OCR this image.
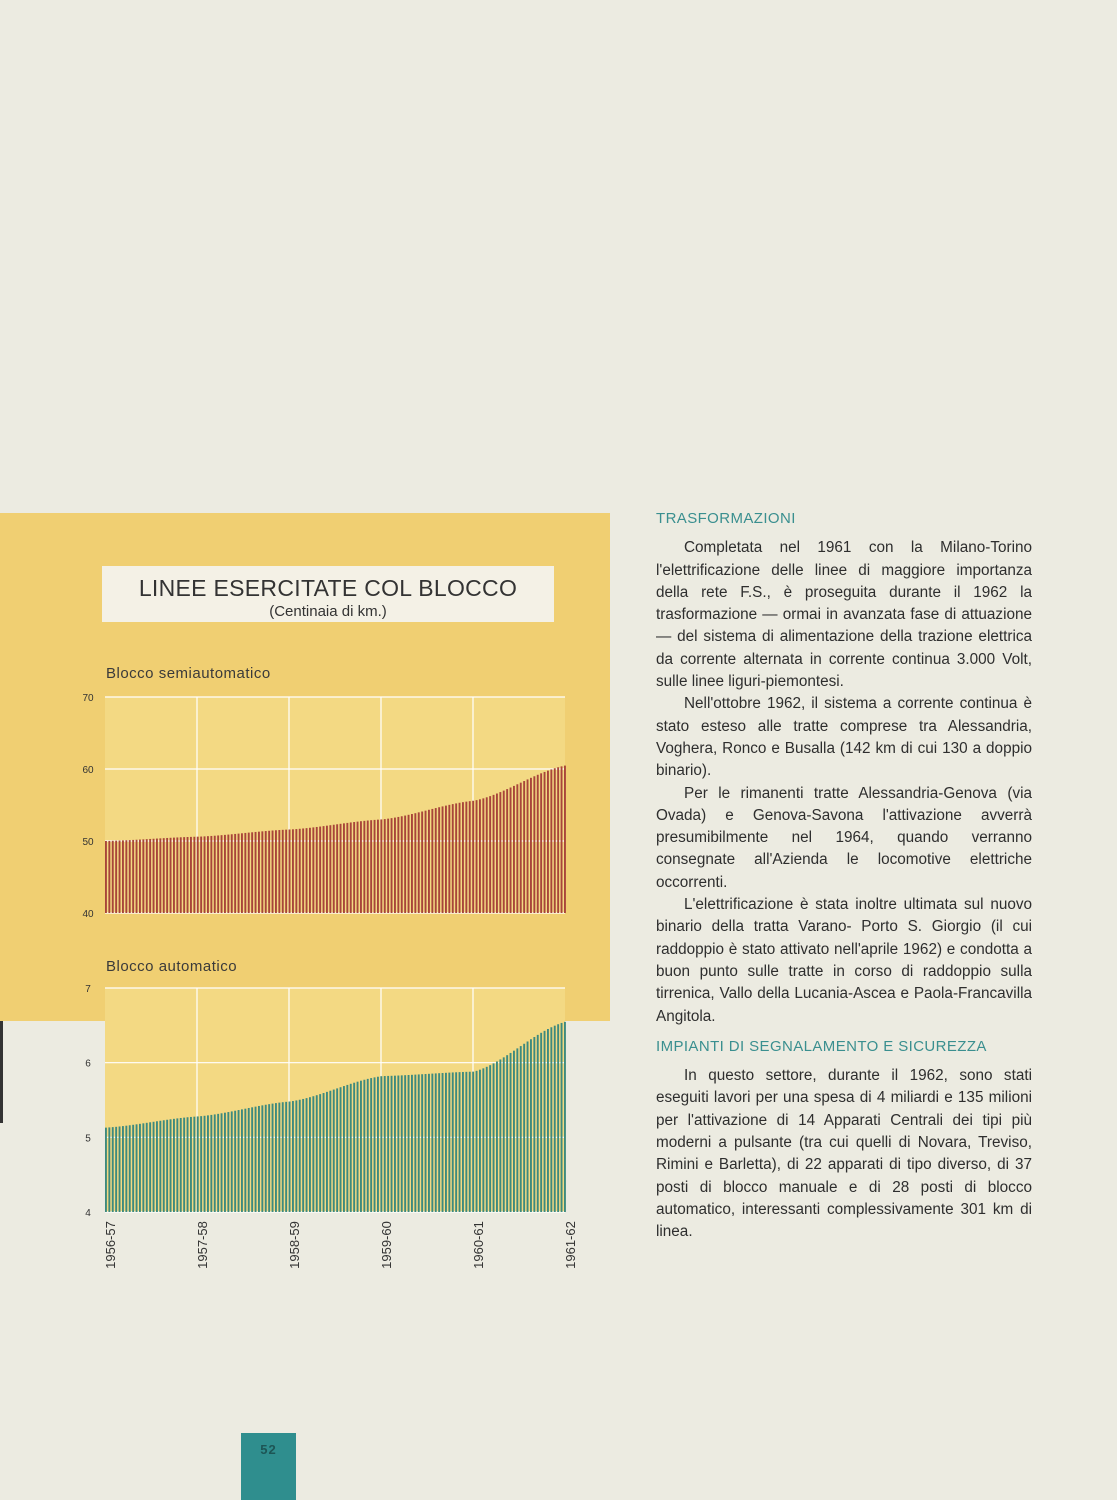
LINEE ESERCITATE COL BLOCCO
(Centinaia di km.)
Blocco semiautomatico
Blocco automatico
70
60
50
40
7
6
5
4
1956-57	1957-58	1958-59	1959-60	1960-61	1961-62
TRASFORMAZIONI

Completata nel 1961 con la Milano-Torino l'elettrificazione delle linee di maggiore importanza della rete F.S., è proseguita durante il 1962 la trasformazione — ormai in avanzata fase di attuazione — del sistema di alimentazione della trazione elettrica da corrente alternata in corrente continua 3.000 Volt, sulle linee liguri-piemontesi.

Nell'ottobre 1962, il sistema a corrente continua è stato esteso alle tratte comprese tra Alessandria, Voghera, Ronco e Busalla (142 km di cui 130 a doppio binario).

Per le rimanenti tratte Alessandria-Genova (via Ovada) e Genova-Savona l'attivazione avverrà presumibilmente nel 1964, quando verranno consegnate all'Azienda le locomotive elettriche occorrenti.

L'elettrificazione è stata inoltre ultimata sul nuovo binario della tratta Varano- Porto S. Giorgio (il cui raddoppio è stato attivato nell'aprile 1962) e condotta a buon punto sulle tratte in corso di raddoppio sulla tirrenica, Vallo della Lucania-Ascea e Paola-Francavilla Angitola.

IMPIANTI DI SEGNALAMENTO E SICUREZZA

In questo settore, durante il 1962, sono stati eseguiti lavori per una spesa di 4 miliardi e 135 milioni per l'attivazione di 14 Apparati Centrali dei tipi più moderni a pulsante (tra cui quelli di Novara, Treviso, Rimini e Barletta), di 22 apparati di tipo diverso, di 37 posti di blocco manuale e di 28 posti di blocco automatico, interessanti complessivamente 301 km di linea.

52
